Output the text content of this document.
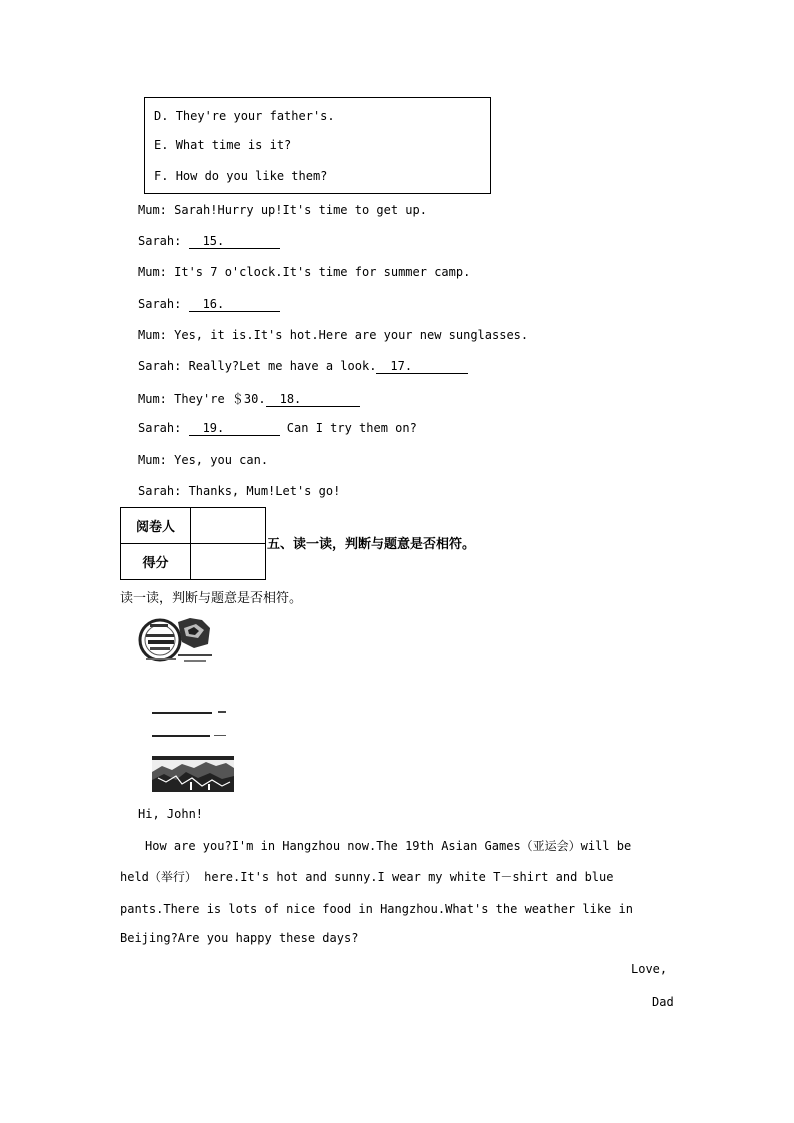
D. They're your father's.
E. What time is it?
F. How do you like them?
Mum: Sarah!Hurry up!It's time to get up.
Sarah: 15.
Mum: It's 7 o'clock.It's time for summer camp.
Sarah: 16.
Mum: Yes, it is.It's hot.Here are your new sunglasses.
Sarah: Really?Let me have a look. 17.
Mum: They're ＄30. 18.
Sarah: 19.	Can I try them on?
Mum: Yes, you can.
Sarah: Thanks, Mum!Let's go!
阅卷人	
得分	
五、读一读，判断与题意是否相符。
读一读，判断与题意是否相符。
Hi, John!
How are you?I'm in Hangzhou now.The 19th Asian Games（亚运会）will be
held（举行） here.It's hot and sunny.I wear my white T－shirt and blue
pants.There is lots of nice food in Hangzhou.What's the weather like in
Beijing?Are you happy these days?
Love,
Dad
